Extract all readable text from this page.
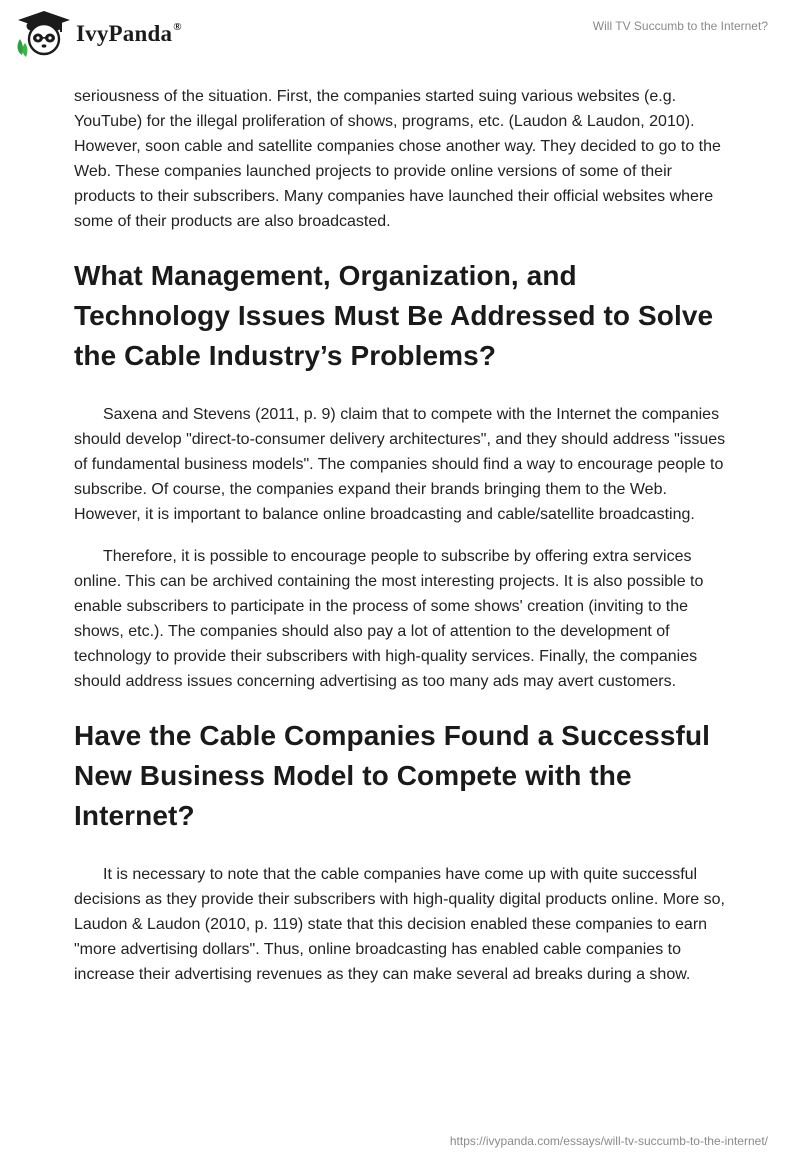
IvyPanda®	Will TV Succumb to the Internet?

seriousness of the situation. First, the companies started suing various websites (e.g. YouTube) for the illegal proliferation of shows, programs, etc. (Laudon & Laudon, 2010). However, soon cable and satellite companies chose another way. They decided to go to the Web. These companies launched projects to provide online versions of some of their products to their subscribers. Many companies have launched their official websites where some of their products are also broadcasted.

What Management, Organization, and Technology Issues Must Be Addressed to Solve the Cable Industry’s Problems?

Saxena and Stevens (2011, p. 9) claim that to compete with the Internet the companies should develop "direct-to-consumer delivery architectures", and they should address "issues of fundamental business models". The companies should find a way to encourage people to subscribe. Of course, the companies expand their brands bringing them to the Web. However, it is important to balance online broadcasting and cable/satellite broadcasting.

Therefore, it is possible to encourage people to subscribe by offering extra services online. This can be archived containing the most interesting projects. It is also possible to enable subscribers to participate in the process of some shows' creation (inviting to the shows, etc.). The companies should also pay a lot of attention to the development of technology to provide their subscribers with high-quality services. Finally, the companies should address issues concerning advertising as too many ads may avert customers.

Have the Cable Companies Found a Successful New Business Model to Compete with the Internet?

It is necessary to note that the cable companies have come up with quite successful decisions as they provide their subscribers with high-quality digital products online. More so, Laudon & Laudon (2010, p. 119) state that this decision enabled these companies to earn "more advertising dollars". Thus, online broadcasting has enabled cable companies to increase their advertising revenues as they can make several ad breaks during a show.

https://ivypanda.com/essays/will-tv-succumb-to-the-internet/
